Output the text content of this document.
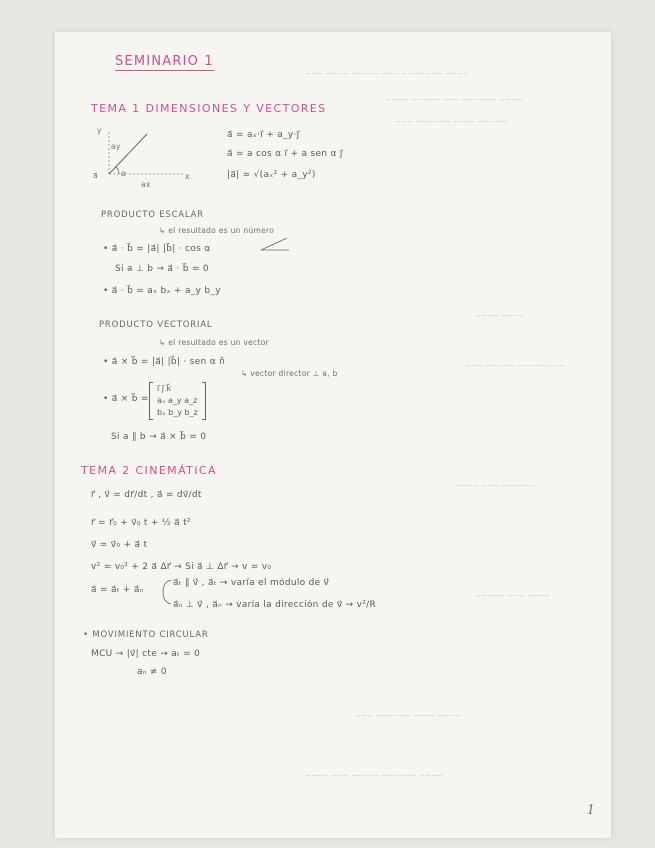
~~~ ~~~~ ~~~~~ ~~~ ~~~~~~~ ~~~~
~~~~ ~~~~~ ~~~ ~~~~~~ ~~~~
~~~ ~~~~~~ ~~~~ ~~~~~
~~~~ ~~~~
~~~ ~~~~~ ~~~~~ ~~~
~~~~ ~~~ ~~~~~~
~~~~~ ~~~ ~~~~
~~~ ~~~~~~ ~~~~ ~~~~
~~~~ ~~~ ~~~~~ ~~~~~~ ~~~~
SEMINARIO 1
TEMA 1 DIMENSIONES Y VECTORES
y
ay
a⃗	α
ax
x
a⃗ = aₓ·i⃗ + a_y·j⃗
a⃗ = a cos α i⃗ + a sen α j⃗
|a⃗| = √(aₓ² + a_y²)
PRODUCTO ESCALAR
↳ el resultado es un número
• a⃗ · b⃗ = |a⃗| |b⃗| · cos α
Si a ⊥ b → a⃗ · b⃗ = 0
• a⃗ · b⃗ = aₓ bₓ + a_y b_y
PRODUCTO VECTORIAL
↳ el resultado es un vector
• a⃗ × b⃗ = |a⃗| |b⃗| · sen α n̂
↳ vector director ⊥ a, b
• a⃗ × b⃗ =
i⃗ j⃗ k⃗
aₓ a_y a_z
bₓ b_y b_z
Si a ∥ b → a⃗ × b⃗ = 0
TEMA 2 CINEMÁTICA
r⃗ , v⃗ = dr⃗/dt , a⃗ = dv⃗/dt
r⃗ = r⃗₀ + v⃗₀ t + ½ a⃗ t²
v⃗ = v⃗₀ + a⃗ t
v² = v₀² + 2 a⃗ Δr⃗ → Si a⃗ ⊥ Δr⃗ → v = v₀
a⃗ = a⃗ₜ + a⃗ₙ
a⃗ₜ ∥ v⃗ , a⃗ₜ → varía el módulo de v⃗
a⃗ₙ ⊥ v⃗ , a⃗ₙ → varía la dirección de v⃗ → v²/R
• MOVIMIENTO CIRCULAR
MCU → |v⃗| cte → aₜ = 0
aₙ ≠ 0
1
